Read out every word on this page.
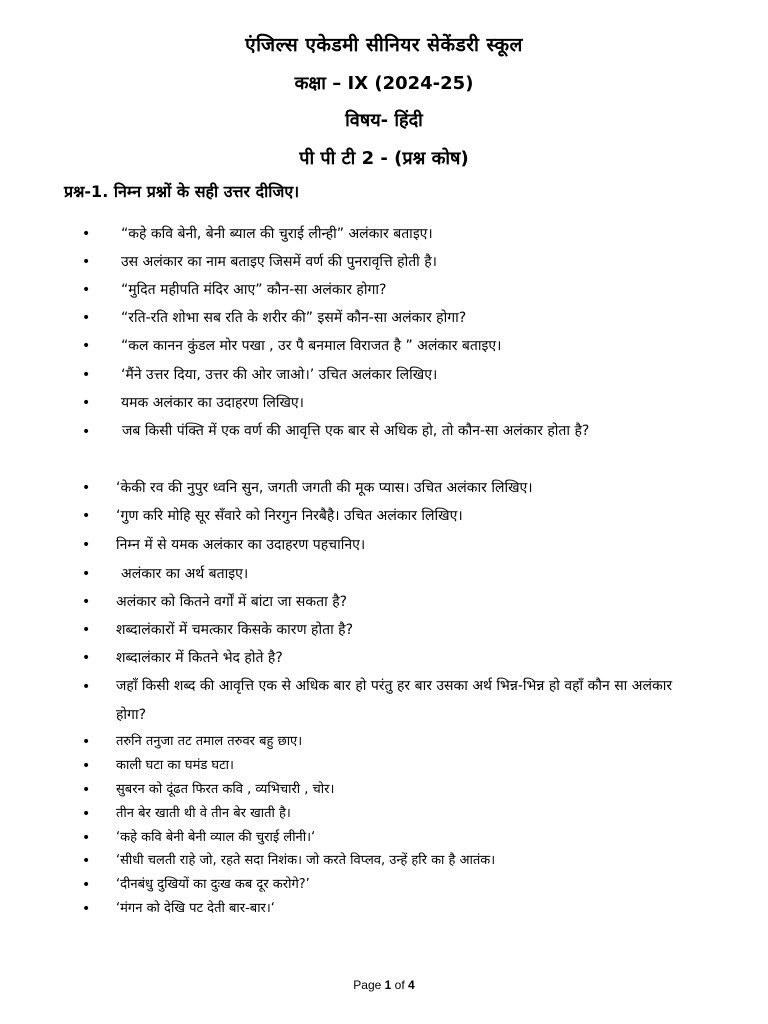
एंजिल्स एकेडमी सीनियर सेकेंडरी स्कूल
कक्षा – IX (2024-25)
विषय- हिंदी
पी पी टी 2 - (प्रश्न कोष)
प्रश्न-1. निम्न प्रश्नों के सही उत्तर दीजिए।
• “कहे कवि बेनी, बेनी ब्याल की चुराई लीन्ही” अलंकार बताइए।
• उस अलंकार का नाम बताइए जिसमें वर्ण की पुनरावृत्ति होती है।
• “मुदित महीपति मंदिर आए” कौन-सा अलंकार होगा?
• “रति-रति शोभा सब रति के शरीर की” इसमें कौन-सा अलंकार होगा?
• “कल कानन कुंडल मोर पखा , उर पै बनमाल विराजत है ” अलंकार बताइए।
• ‘मैंने उत्तर दिया, उत्तर की ओर जाओ।’ उचित अलंकार लिखिए।
• यमक अलंकार का उदाहरण लिखिए।
•	जब किसी पंक्ति में एक वर्ण की आवृत्ति एक बार से अधिक हो, तो कौन-सा अलंकार होता है?
• ‘केकी रव की नुपुर ध्वनि सुन, जगती जगती की मूक प्यास। उचित अलंकार लिखिए।
• ‘गुण करि मोहि सूर सँवारे को निरगुन निरबैहै। उचित अलंकार लिखिए।
• निम्न में से यमक अलंकार का उदाहरण पहचानिए।
• अलंकार का अर्थ बताइए।
• अलंकार को कितने वर्गों में बांटा जा सकता है?
• शब्दालंकारों में चमत्कार किसके कारण होता है?
• शब्दालंकार में कितने भेद होते है?
• जहाँ किसी शब्द की आवृत्ति एक से अधिक बार हो परंतु हर बार उसका अर्थ भिन्न-भिन्न हो वहाँ कौन सा अलंकार होगा?
• तरुनि तनुजा तट तमाल तरुवर बहु छाए।
• काली घटा का घमंड घटा।
• सुबरन को दूंढत फिरत कवि , व्यभिचारी , चोर।
• तीन बेर खाती थी वे तीन बेर खाती है।
• ‘कहे कवि बेनी बेनी व्याल की चुराई लीनी।‘
• ‘सीधी चलती राहे जो, रहते सदा निशंक। जो करते विप्लव, उन्हें हरि का है आतंक।
• ‘दीनबंधु दुखियों का दुःख कब दूर करोगे?’
• ‘मंगन को देखि पट देती बार-बार।‘
Page 1 of 4
